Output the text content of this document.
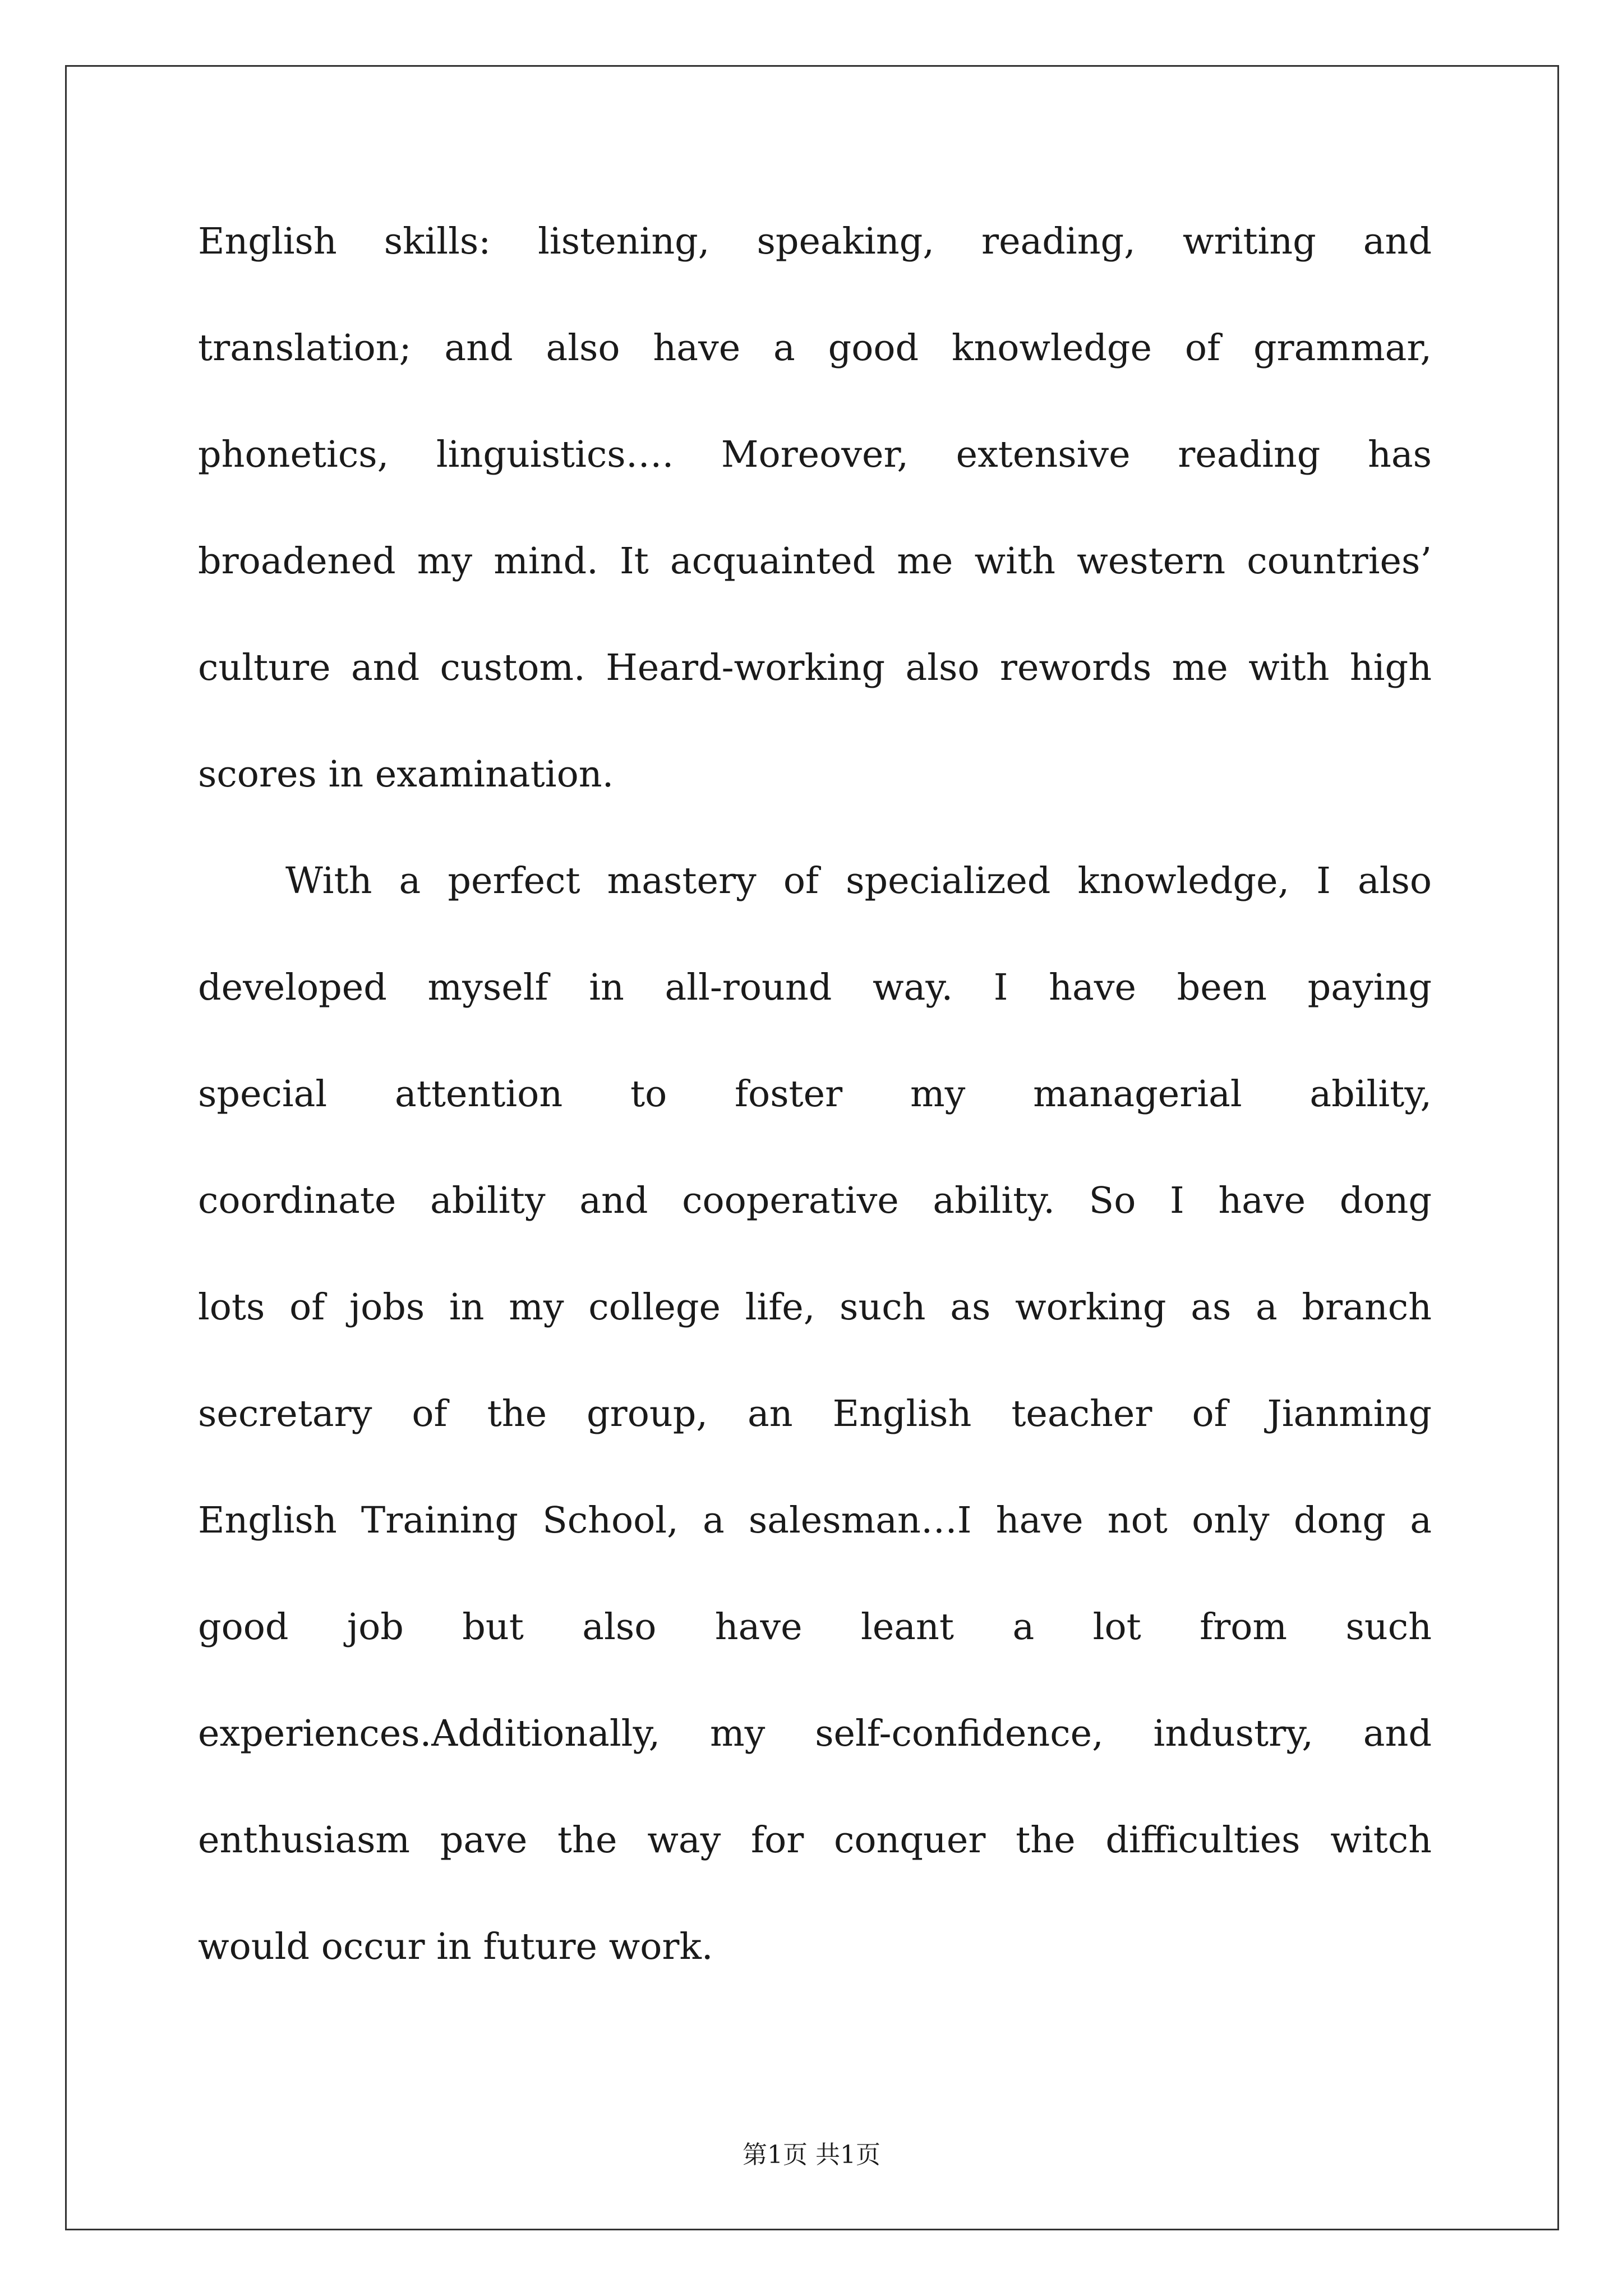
English skills: listening, speaking, reading, writing and
translation; and also have a good knowledge of grammar,
phonetics, linguistics…. Moreover, extensive reading has
broadened my mind. It acquainted me with western countries’
culture and custom. Heard-working also rewords me with high
scores in examination.
With a perfect mastery of specialized knowledge, I also
developed myself in all-round way. I have been paying
special attention to foster my managerial ability,
coordinate ability and cooperative ability. So I have dong
lots of jobs in my college life, such as working as a branch
secretary of the group, an English teacher of Jianming
English Training School, a salesman…I have not only dong a
good job but also have leant a lot from such
experiences.Additionally, my self-confidence, industry, and
enthusiasm pave the way for conquer the difficulties witch
would occur in future work.
第1页 共1页
